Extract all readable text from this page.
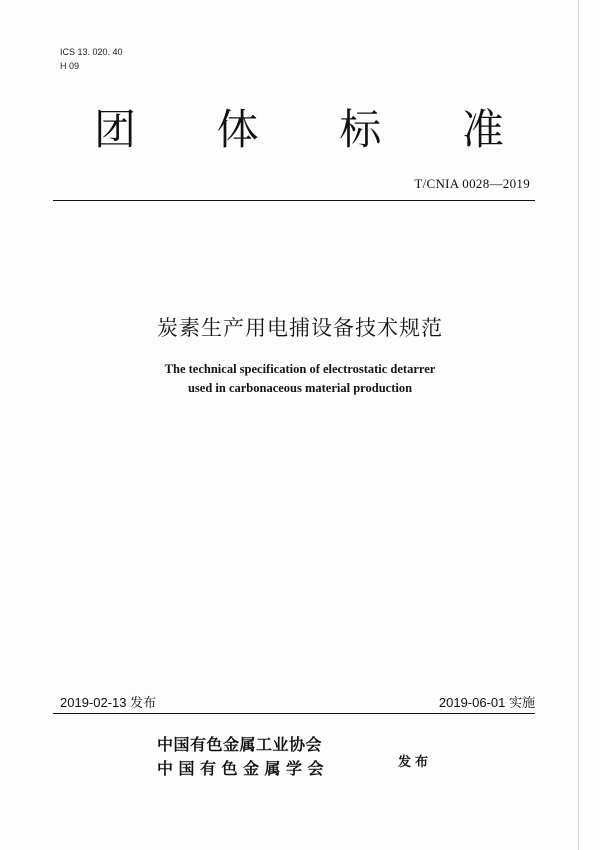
ICS 13. 020. 40
H 09
团 体 标 准
T/CNIA 0028—2019
炭素生产用电捕设备技术规范
The technical specification of electrostatic detarrer
used in carbonaceous material production
2019-02-13 发布	2019-06-01 实施
中国有色金属工业协会
中国有色金属学会	发布
